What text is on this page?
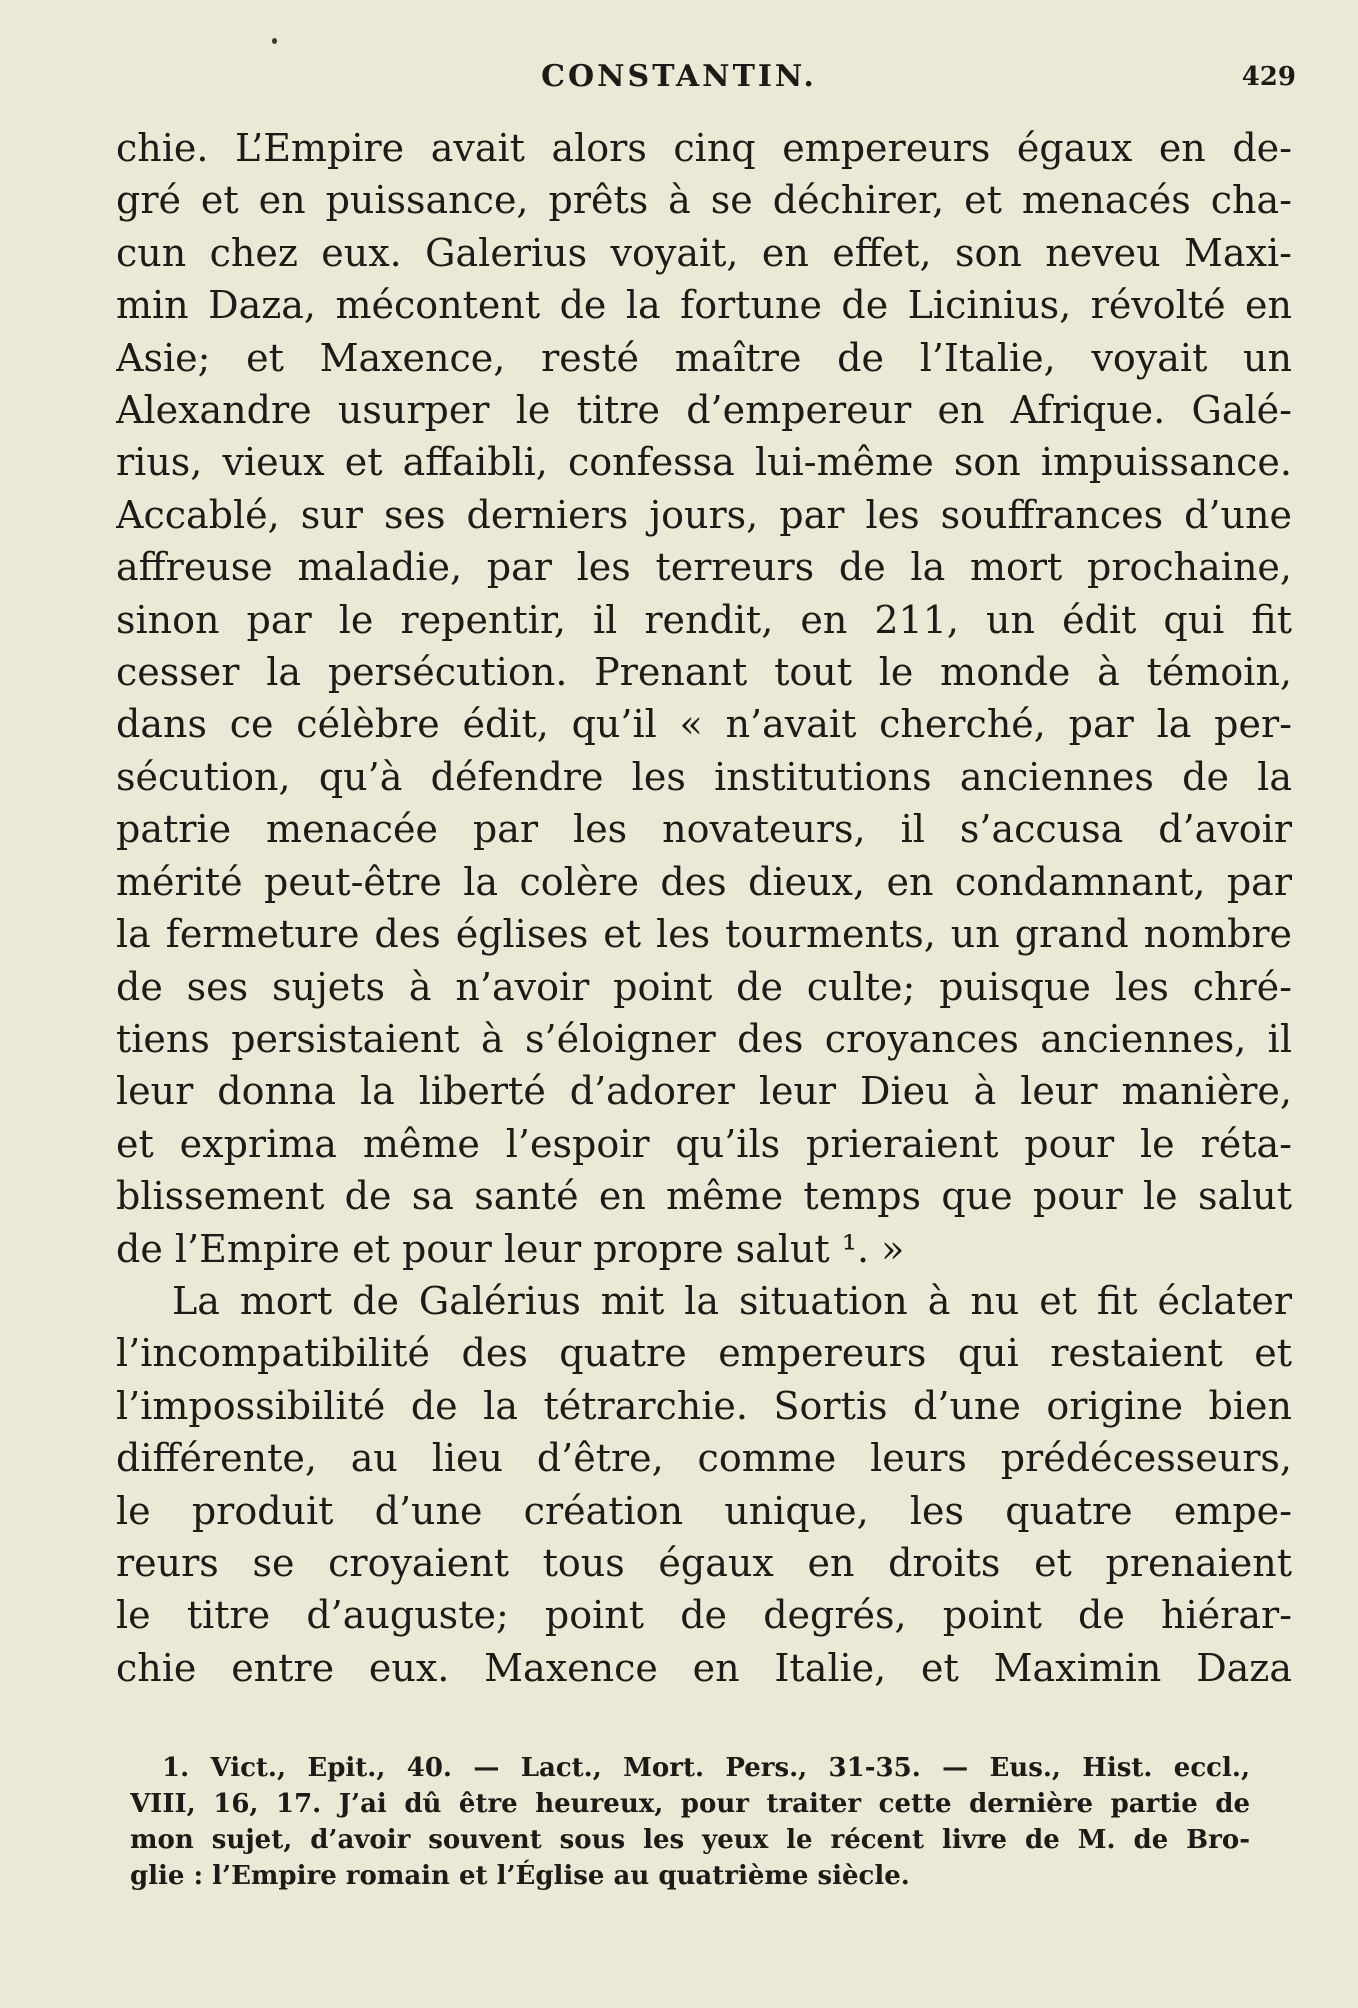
CONSTANTIN.	429
chie. L’Empire avait alors cinq empereurs égaux en de-
gré et en puissance, prêts à se déchirer, et menacés cha-
cun chez eux. Galerius voyait, en effet, son neveu Maxi-
min Daza, mécontent de la fortune de Licinius, révolté en
Asie; et Maxence, resté maître de l’Italie, voyait un
Alexandre usurper le titre d’empereur en Afrique. Galé-
rius, vieux et affaibli, confessa lui-même son impuissance.
Accablé, sur ses derniers jours, par les souffrances d’une
affreuse maladie, par les terreurs de la mort prochaine,
sinon par le repentir, il rendit, en 211, un édit qui fit
cesser la persécution. Prenant tout le monde à témoin,
dans ce célèbre édit, qu’il « n’avait cherché, par la per-
sécution, qu’à défendre les institutions anciennes de la
patrie menacée par les novateurs, il s’accusa d’avoir
mérité peut-être la colère des dieux, en condamnant, par
la fermeture des églises et les tourments, un grand nombre
de ses sujets à n’avoir point de culte; puisque les chré-
tiens persistaient à s’éloigner des croyances anciennes, il
leur donna la liberté d’adorer leur Dieu à leur manière,
et exprima même l’espoir qu’ils prieraient pour le réta-
blissement de sa santé en même temps que pour le salut
de l’Empire et pour leur propre salut ¹. »
La mort de Galérius mit la situation à nu et fit éclater
l’incompatibilité des quatre empereurs qui restaient et
l’impossibilité de la tétrarchie. Sortis d’une origine bien
différente, au lieu d’être, comme leurs prédécesseurs,
le produit d’une création unique, les quatre empe-
reurs se croyaient tous égaux en droits et prenaient
le titre d’auguste; point de degrés, point de hiérar-
chie entre eux. Maxence en Italie, et Maximin Daza
1. Vict., Epit., 40. — Lact., Mort. Pers., 31-35. — Eus., Hist. eccl.,
VIII, 16, 17. J’ai dû être heureux, pour traiter cette dernière partie de
mon sujet, d’avoir souvent sous les yeux le récent livre de M. de Bro-
glie : l’Empire romain et l’Église au quatrième siècle.
